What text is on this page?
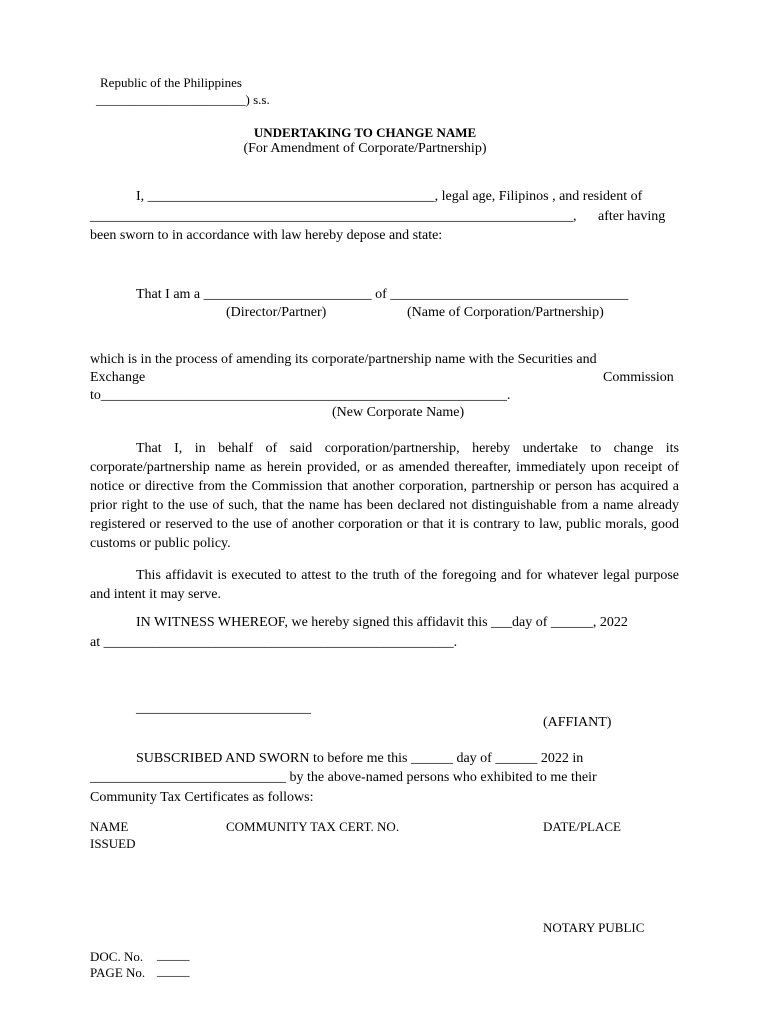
Republic of the Philippines
_______________________) s.s.
UNDERTAKING TO CHANGE NAME
(For Amendment of Corporate/Partnership)
I, _________________________________________, legal age, Filipinos , and resident of
_____________________________________________________________________, after having
been sworn to in accordance with law hereby depose and state:
That I am a ________________________ of __________________________________
(Director/Partner)	(Name of Corporation/Partnership)
which is in the process of amending its corporate/partnership name with the Securities and
Exchange	Commission
to__________________________________________________________.
(New Corporate Name)
That I, in behalf of said corporation/partnership, hereby undertake to change its corporate/partnership name as herein provided, or as amended thereafter, immediately upon receipt of notice or directive from the Commission that another corporation, partnership or person has acquired a prior right to the use of such, that the name has been declared not distinguishable from a name already registered or reserved to the use of another corporation or that it is contrary to law, public morals, good customs or public policy.
This affidavit is executed to attest to the truth of the foregoing and for whatever legal purpose and intent it may serve.
IN WITNESS WHEREOF, we hereby signed this affidavit this ___day of ______, 2022
at __________________________________________________.
_________________________
(AFFIANT)
SUBSCRIBED AND SWORN to before me this ______ day of ______ 2022 in
____________________________ by the above-named persons who exhibited to me their
Community Tax Certificates as follows:
NAME	COMMUNITY TAX CERT. NO.	DATE/PLACE
ISSUED
NOTARY PUBLIC
DOC. No. _____
PAGE No. _____
